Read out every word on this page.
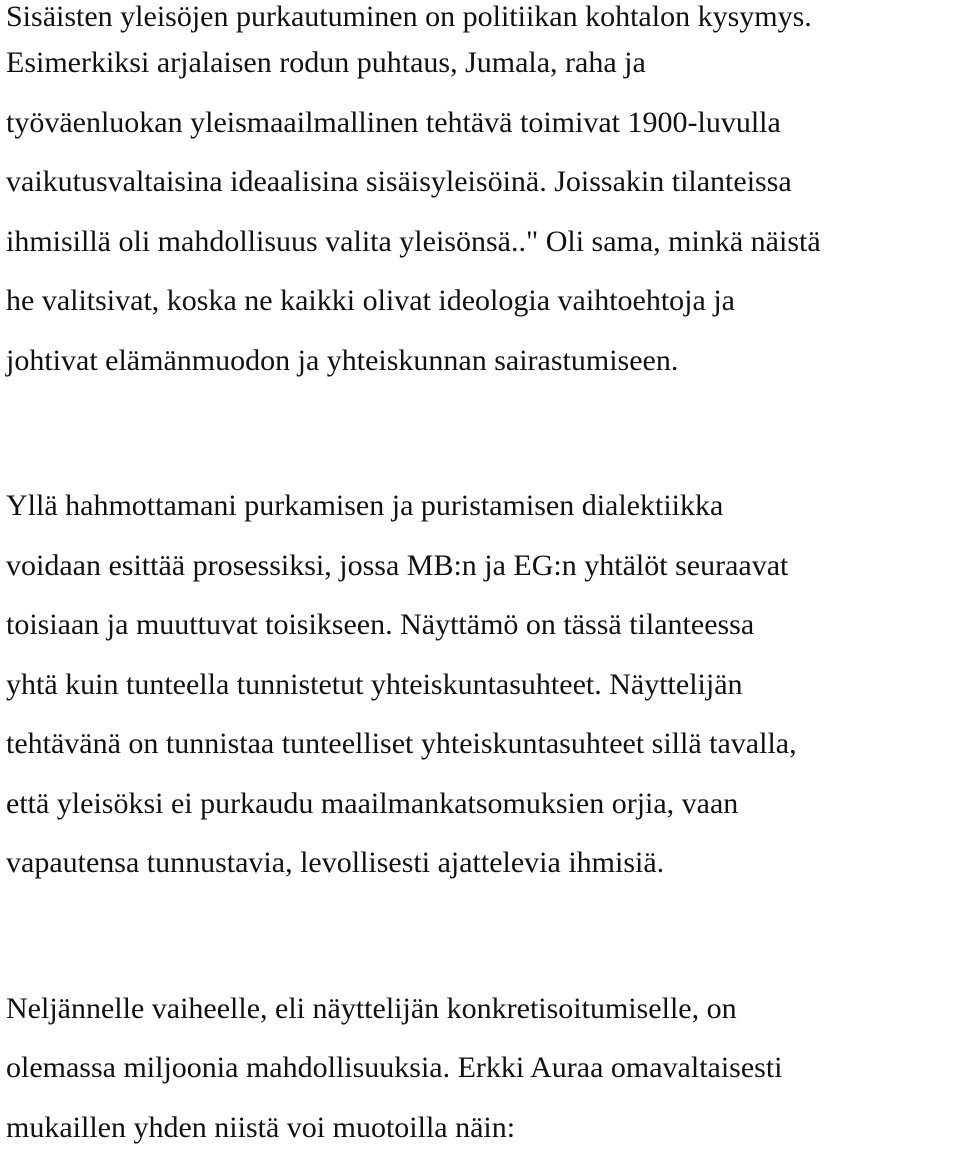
Sisäisten yleisöjen purkautuminen on politiikan kohtalon kysymys.
Esimerkiksi arjalaisen rodun puhtaus, Jumala, raha ja
työväenluokan yleismaailmallinen tehtävä toimivat 1900-luvulla
vaikutusvaltaisina ideaalisina sisäisyleisöinä. Joissakin tilanteissa
ihmisillä oli mahdollisuus valita yleisönsä.." Oli sama, minkä näistä
he valitsivat, koska ne kaikki olivat ideologia vaihtoehtoja ja
johtivat elämänmuodon ja yhteiskunnan sairastumiseen.
Yllä hahmottamani purkamisen ja puristamisen dialektiikka
voidaan esittää prosessiksi, jossa MB:n ja EG:n yhtälöt seuraavat
toisiaan ja muuttuvat toisikseen. Näyttämö on tässä tilanteessa
yhtä kuin tunteella tunnistetut yhteiskuntasuhteet. Näyttelijän
tehtävänä on tunnistaa tunteelliset yhteiskuntasuhteet sillä tavalla,
että yleisöksi ei purkaudu maailmankatsomuksien orjia, vaan
vapautensa tunnustavia, levollisesti ajattelevia ihmisiä.
Neljännelle vaiheelle, eli näyttelijän konkretisoitumiselle, on
olemassa miljoonia mahdollisuuksia. Erkki Auraa omavaltaisesti
mukaillen yhden niistä voi muotoilla näin:
